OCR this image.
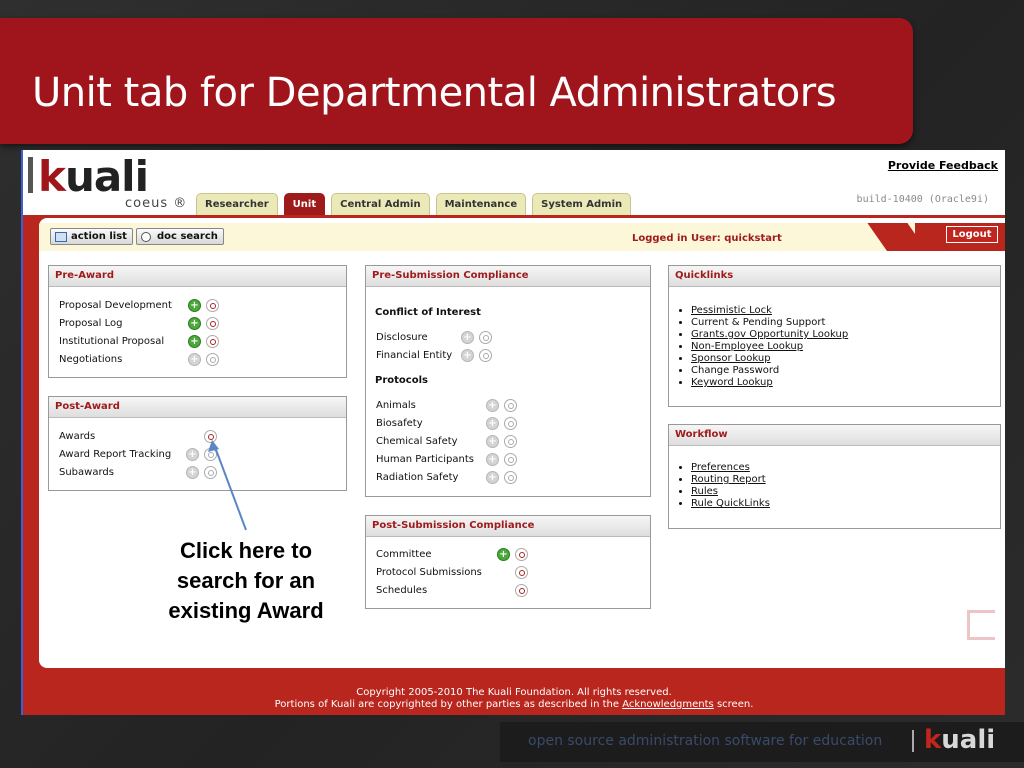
Unit tab for Departmental Administrators
kuali
coeus ®
Provide Feedback
build-10400 (Oracle9i)
Researcher	Unit	Central Admin	Maintenance	System Admin
action list	doc search	Logged in User: quickstart	Logout
Pre-Award
Proposal Development +
Proposal Log	+
Institutional Proposal	+
Negotiations	+
Post-Award
Awards
Award Report Tracking +
Subawards	+
Pre-Submission Compliance
Conflict of Interest
Disclosure	+
Financial Entity +
Protocols
Animals	+
Biosafety	+
Chemical Safety	+
Human Participants +
Radiation Safety	+
Post-Submission Compliance
Committee	+
Protocol Submissions
Schedules
Quicklinks
• Pessimistic Lock
• Current & Pending Support
• Grants.gov Opportunity Lookup
• Non-Employee Lookup
• Sponsor Lookup
• Change Password
• Keyword Lookup
Workflow
• Preferences
• Routing Report
• Rules
• Rule QuickLinks
Copyright 2005-2010 The Kuali Foundation. All rights reserved.
Portions of Kuali are copyrighted by other parties as described in the Acknowledgments screen.
Click here to
search for an
existing Award
open source administration software for education kuali
